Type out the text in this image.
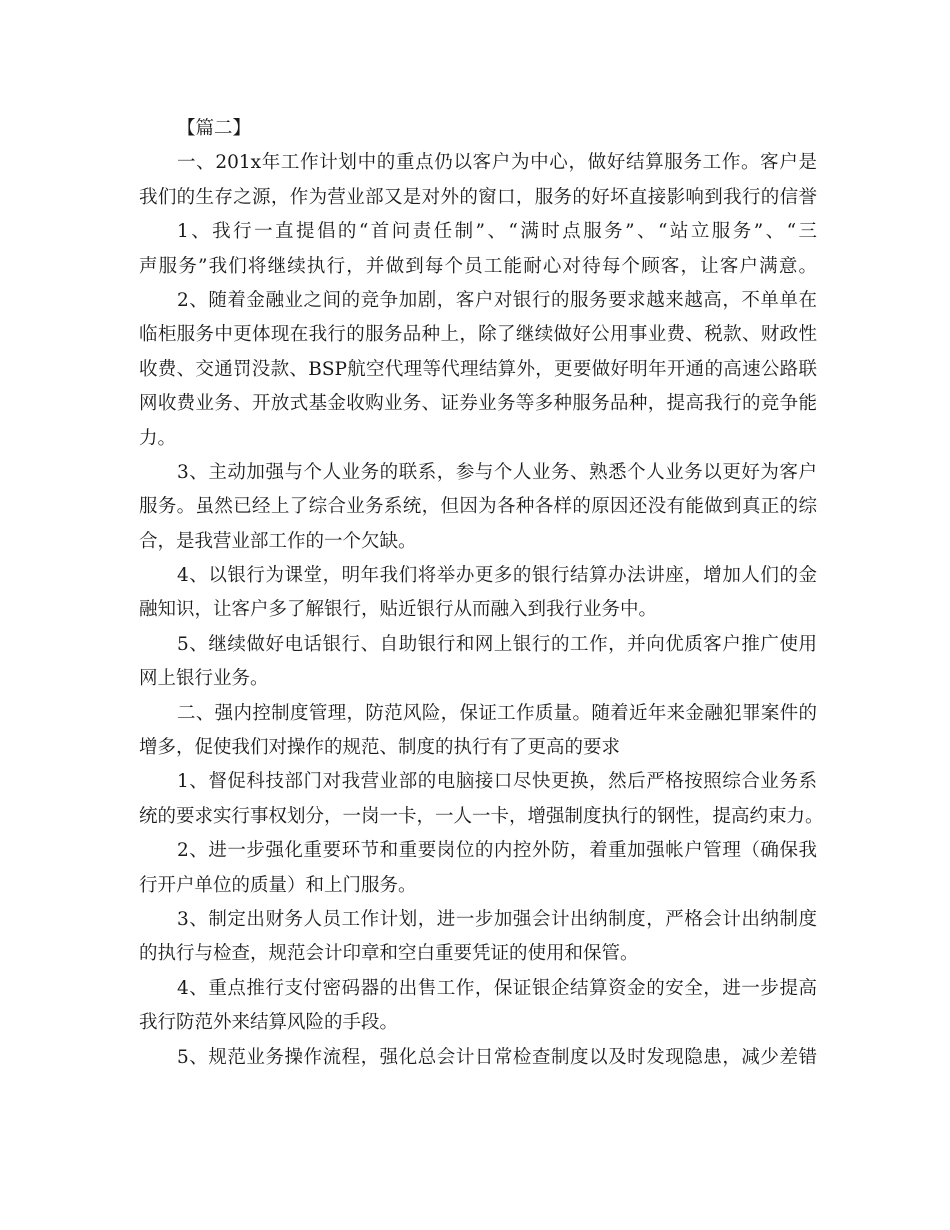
【篇二】
一、201x年工作计划中的重点仍以客户为中心，做好结算服务工作。客户是
我们的生存之源，作为营业部又是对外的窗口，服务的好坏直接影响到我行的信誉
1、我行一直提倡的“首问责任制”、“满时点服务”、“站立服务”、“三
声服务”我们将继续执行，并做到每个员工能耐心对待每个顾客，让客户满意。
2、随着金融业之间的竞争加剧，客户对银行的服务要求越来越高，不单单在
临柜服务中更体现在我行的服务品种上，除了继续做好公用事业费、税款、财政性
收费、交通罚没款、BSP航空代理等代理结算外，更要做好明年开通的高速公路联
网收费业务、开放式基金收购业务、证券业务等多种服务品种，提高我行的竞争能
力。
3、主动加强与个人业务的联系，参与个人业务、熟悉个人业务以更好为客户
服务。虽然已经上了综合业务系统，但因为各种各样的原因还没有能做到真正的综
合，是我营业部工作的一个欠缺。
4、以银行为课堂，明年我们将举办更多的银行结算办法讲座，增加人们的金
融知识，让客户多了解银行，贴近银行从而融入到我行业务中。
5、继续做好电话银行、自助银行和网上银行的工作，并向优质客户推广使用
网上银行业务。
二、强内控制度管理，防范风险，保证工作质量。随着近年来金融犯罪案件的
增多，促使我们对操作的规范、制度的执行有了更高的要求
1、督促科技部门对我营业部的电脑接口尽快更换，然后严格按照综合业务系
统的要求实行事权划分，一岗一卡，一人一卡，增强制度执行的钢性，提高约束力。
2、进一步强化重要环节和重要岗位的内控外防，着重加强帐户管理（确保我
行开户单位的质量）和上门服务。
3、制定出财务人员工作计划，进一步加强会计出纳制度，严格会计出纳制度
的执行与检查，规范会计印章和空白重要凭证的使用和保管。
4、重点推行支付密码器的出售工作，保证银企结算资金的安全，进一步提高
我行防范外来结算风险的手段。
5、规范业务操作流程，强化总会计日常检查制度以及时发现隐患，减少差错
